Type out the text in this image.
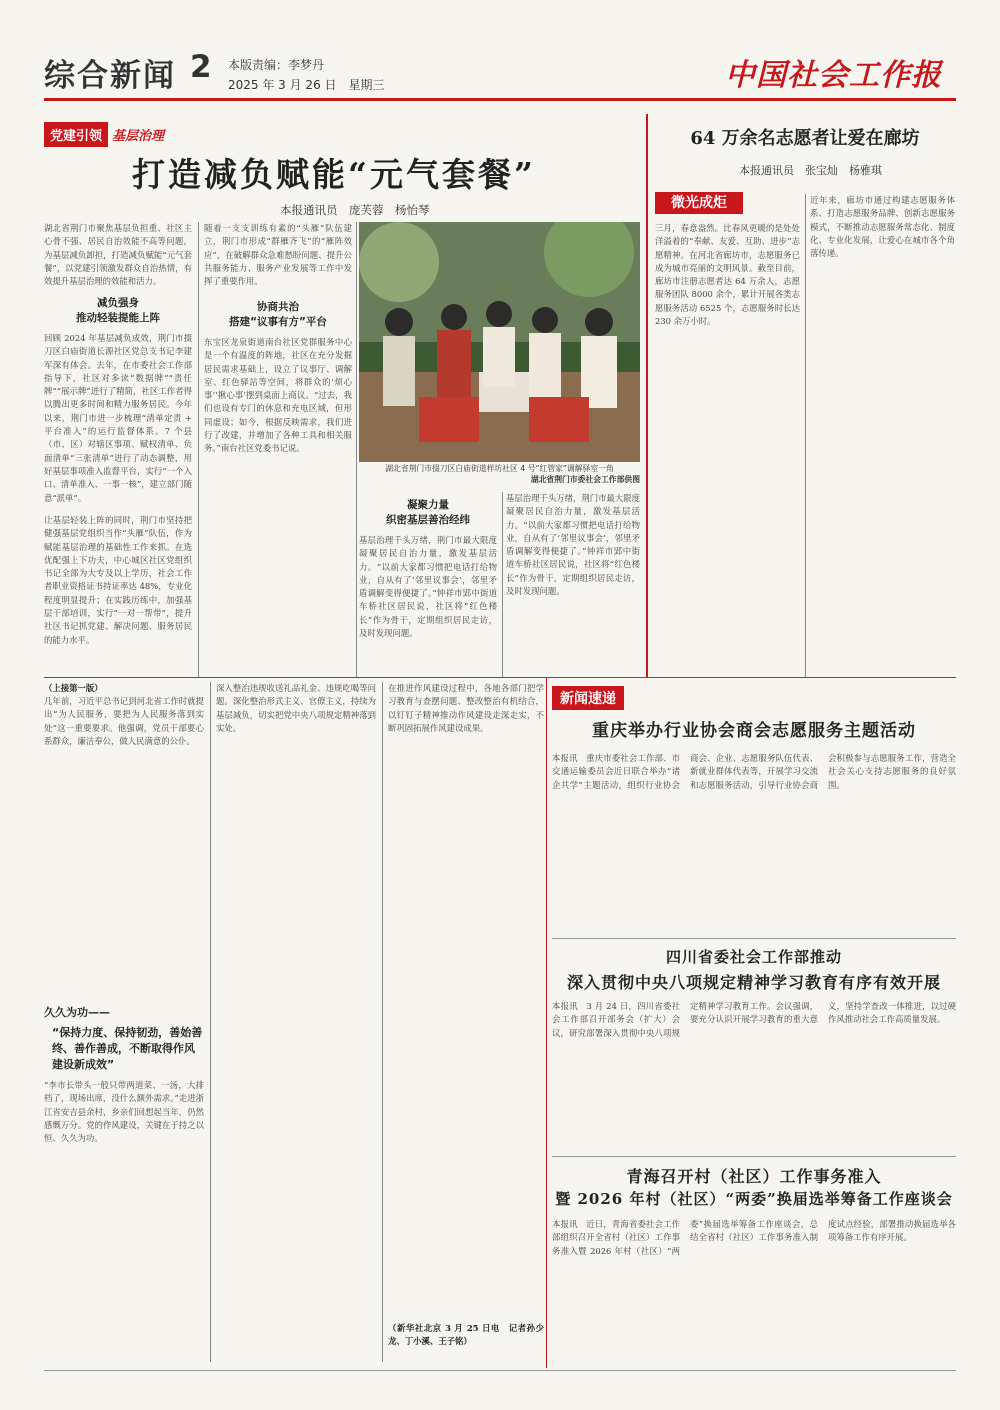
综合新闻 2 本版责编：李梦丹
2025 年 3 月 26 日　星期三	中国社会工作报
党建引领 基层治理
打造减负赋能“元气套餐”
本报通讯员　庞芙蓉　杨怡琴
湖北省荆门市聚焦基层负担重、社区主心骨不强、居民自治效能不高等问题，为基层减负卸担，打造减负赋能“元气套餐”，以党建引领激发群众自治热情，有效提升基层治理的效能和活力。
减负强身
推动轻装提能上阵
回顾 2024 年基层减负成效，荆门市掇刀区白庙街道长源社区党总支书记李建军深有体会。去年，在市委社会工作部指导下，社区对多读“数据牌”“责任牌”“展示牌”进行了精简，社区工作者得以腾出更多时间和精力服务居民。今年以来，荆门市进一步梳理“清单定责 + 平台准入”的运行监督体系。7 个县（市、区）对辖区事项、赋权清单、负面清单“三张清单”进行了动态调整，用好基层事项准入监督平台，实行“一个入口、清单准入、一事一核”，建立部门随意“派单”。
让基层轻装上阵的同时，荆门市坚持把健强基层党组织当作“头雁”队伍，作为赋能基层治理的基础性工作来抓。在选优配强上下功夫，中心城区社区党组织书记全部为大专及以上学历，社会工作者职业资格证书持证率达 48%，专业化程度明显提升；在实践历练中，加强基层干部培训，实行“一对一帮带”，提升社区书记抓党建、解决问题、服务居民的能力水平。
随着一支支训练有素的“头雁”队伍建立，荆门市形成“群雁齐飞”的“雁阵效应”，在破解群众急难愁盼问题、提升公共服务能力、服务产业发展等工作中发挥了重要作用。
协商共治
搭建“议事有方”平台
东宝区龙泉街道南台社区党群服务中心是一个有温度的阵地，社区在充分发掘居民需求基础上，设立了议事厅、调解室、红色驿站等空间，将群众的‘烦心事’‘揪心事’摆到桌面上商议。“过去，我们也设有专门的休息和充电区域，但形同虚设；如今，根据反映需求，我们进行了改建，并增加了各种工具和相关服务。”南台社区党委书记说。
湖北省荆门市掇刀区白庙街道样坊社区 4 号“红管家”调解驿室一角
湖北省荆门市委社会工作部供图
凝聚力量
织密基层善治经纬
基层治理千头万绪，荆门市最大限度凝聚居民自治力量，激发基层活力。“以前大家都习惯把电话打给物业，自从有了‘邻里议事会’，邻里矛盾调解变得便捷了。”钟祥市郢中街道车桥社区居民说，社区将“红色楼长”作为骨干，定期组织居民走访，及时发现问题。
基层治理千头万绪，荆门市最大限度凝聚居民自治力量，激发基层活力。“以前大家都习惯把电话打给物业，自从有了‘邻里议事会’，邻里矛盾调解变得便捷了。”钟祥市郢中街道车桥社区居民说，社区将“红色楼长”作为骨干，定期组织居民走访，及时发现问题。
64 万余名志愿者让爱在廊坊
本报通讯员　张宝灿　杨雅琪
微光成炬
三月，春意盎然。比春风更暖的是处处洋溢着的“奉献、友爱、互助、进步”志愿精神。在河北省廊坊市，志愿服务已成为城市亮丽的文明风景。截至目前，廊坊市注册志愿者达 64 万余人，志愿服务团队 8000 余个，累计开展各类志愿服务活动 6525 个，志愿服务时长达 230 余万小时。
近年来，廊坊市通过构建志愿服务体系、打造志愿服务品牌、创新志愿服务模式，不断推动志愿服务常态化、制度化、专业化发展，让爱心在城市各个角落传递。
（上接第一版）
几年前，习近平总书记到河北省工作时就提出“为人民服务，要把为人民服务落到实处”这一重要要求。他强调，党员干部要心系群众，廉洁奉公，做人民满意的公仆。
久久为功——
“保持力度、保持韧劲，善始善终、善作善成，不断取得作风建设新成效”
“李市长带头一般只带两道菜、一汤，大排档了，现场出席，没什么额外需求。”走进浙江省安吉县余村，乡亲们回想起当年，仍然感慨万分。党的作风建设，关键在于持之以恒、久久为功。
深入整治违规收送礼品礼金、违规吃喝等问题。深化整治形式主义、官僚主义，持续为基层减负，切实把党中央八项规定精神落到实处。
在推进作风建设过程中，各地各部门把学习教育与查摆问题、整改整治有机结合，以钉钉子精神推动作风建设走深走实，不断巩固拓展作风建设成果。
（新华社北京 3 月 25 日电　记者孙少龙、丁小溪、王子铭）
新闻速递
重庆举办行业协会商会志愿服务主题活动
本报讯　重庆市委社会工作部、市交通运输委员会近日联合举办“诸企共学”主题活动，组织行业协会商会、企业、志愿服务队伍代表、新就业群体代表等，开展学习交流和志愿服务活动，引导行业协会商会积极参与志愿服务工作，营造全社会关心支持志愿服务的良好氛围。
四川省委社会工作部推动
深入贯彻中央八项规定精神学习教育有序有效开展
本报讯　3 月 24 日，四川省委社会工作部召开部务会（扩大）会议，研究部署深入贯彻中央八项规定精神学习教育工作。会议强调，要充分认识开展学习教育的重大意义，坚持学查改一体推进，以过硬作风推动社会工作高质量发展。
青海召开村（社区）工作事务准入
暨 2026 年村（社区）“两委”换届选举筹备工作座谈会
本报讯　近日，青海省委社会工作部组织召开全省村（社区）工作事务准入暨 2026 年村（社区）“两委”换届选举筹备工作座谈会，总结全省村（社区）工作事务准入制度试点经验，部署推动换届选举各项筹备工作有序开展。
